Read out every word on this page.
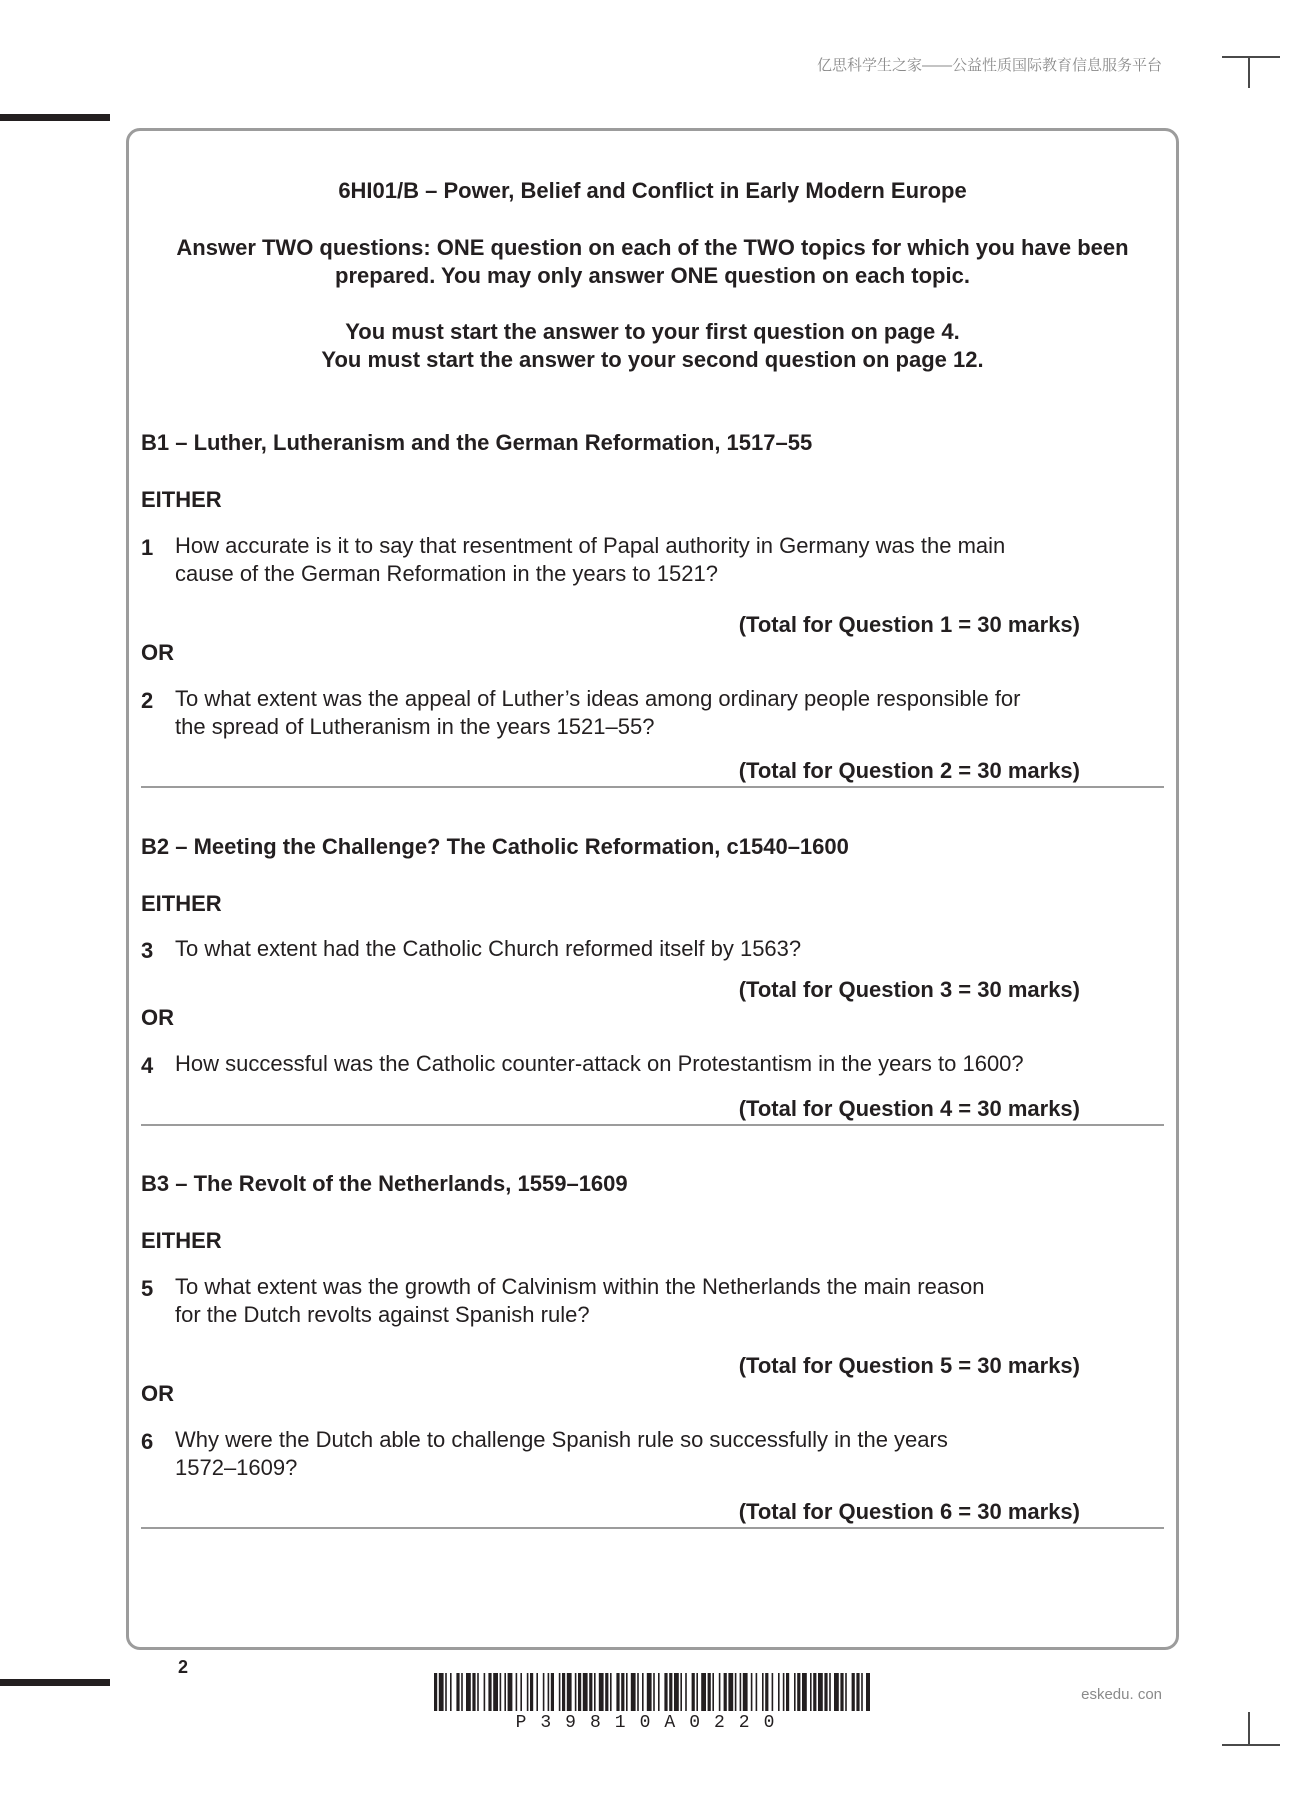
亿思科学生之家——公益性质国际教育信息服务平台
6HI01/B – Power, Belief and Conflict in Early Modern Europe
Answer TWO questions: ONE question on each of the TWO topics for which you have been
prepared. You may only answer ONE question on each topic.
You must start the answer to your first question on page 4.
You must start the answer to your second question on page 12.
B1 – Luther, Lutheranism and the German Reformation, 1517–55
EITHER
1 How accurate is it to say that resentment of Papal authority in Germany was the main
cause of the German Reformation in the years to 1521?
(Total for Question 1 = 30 marks)
OR
2 To what extent was the appeal of Luther’s ideas among ordinary people responsible for
the spread of Lutheranism in the years 1521–55?
(Total for Question 2 = 30 marks)
B2 – Meeting the Challenge? The Catholic Reformation, c1540–1600
EITHER
3 To what extent had the Catholic Church reformed itself by 1563?
(Total for Question 3 = 30 marks)
OR
4 How successful was the Catholic counter-attack on Protestantism in the years to 1600?
(Total for Question 4 = 30 marks)
B3 – The Revolt of the Netherlands, 1559–1609
EITHER
5 To what extent was the growth of Calvinism within the Netherlands the main reason
for the Dutch revolts against Spanish rule?
(Total for Question 5 = 30 marks)
OR
6 Why were the Dutch able to challenge Spanish rule so successfully in the years
1572–1609?
(Total for Question 6 = 30 marks)
2
P39810A0220
eskedu. con
